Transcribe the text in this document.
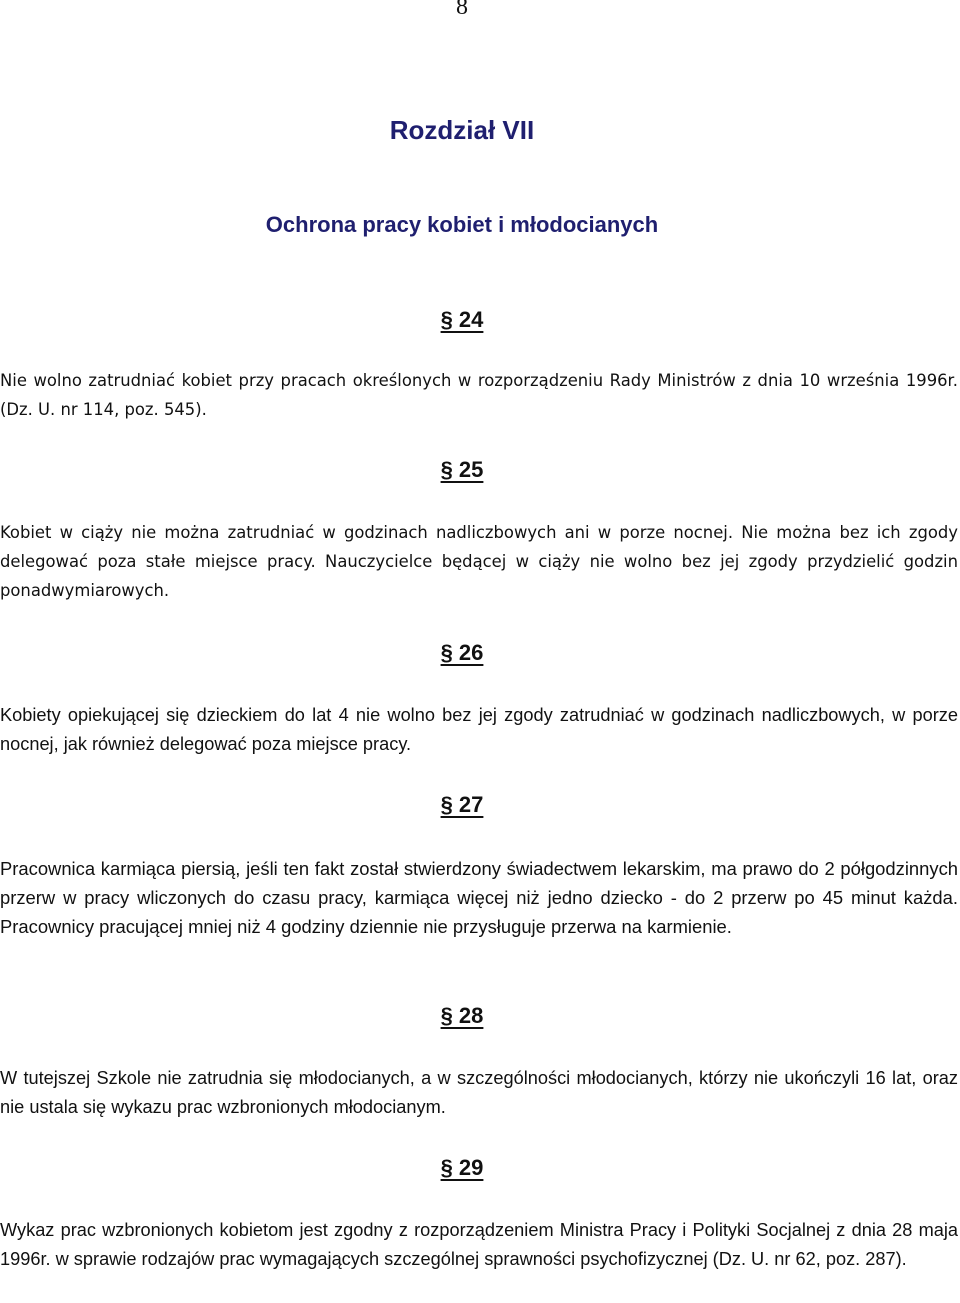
8
Rozdział VII
Ochrona pracy kobiet i młodocianych
§ 24

Nie wolno zatrudniać kobiet przy pracach określonych w rozporządzeniu Rady Ministrów z dnia 10 września 1996r. (Dz. U. nr 114, poz. 545).

§ 25

Kobiet w ciąży nie można zatrudniać w godzinach nadliczbowych ani w porze nocnej. Nie można bez ich zgody delegować poza stałe miejsce pracy. Nauczycielce będącej w ciąży nie wolno bez jej zgody przydzielić godzin ponadwymiarowych.

§ 26

Kobiety opiekującej się dzieckiem do lat 4 nie wolno bez jej zgody zatrudniać w godzinach nadliczbowych, w porze nocnej, jak również delegować poza miejsce pracy.

§ 27

Pracownica karmiąca piersią, jeśli ten fakt został stwierdzony świadectwem lekarskim, ma prawo do 2 półgodzinnych przerw w pracy wliczonych do czasu pracy, karmiąca więcej niż jedno dziecko - do 2 przerw po 45 minut każda. Pracownicy pracującej mniej niż 4 godziny dziennie nie przysługuje przerwa na karmienie.

§ 28

W tutejszej Szkole nie zatrudnia się młodocianych, a w szczególności młodocianych, którzy nie ukończyli 16 lat, oraz nie ustala się wykazu prac wzbronionych młodocianym.

§ 29

Wykaz prac wzbronionych kobietom jest zgodny z rozporządzeniem Ministra Pracy i Polityki Socjalnej z dnia 28 maja 1996r. w sprawie rodzajów prac wymagających szczególnej sprawności psychofizycznej (Dz. U. nr 62, poz. 287).
